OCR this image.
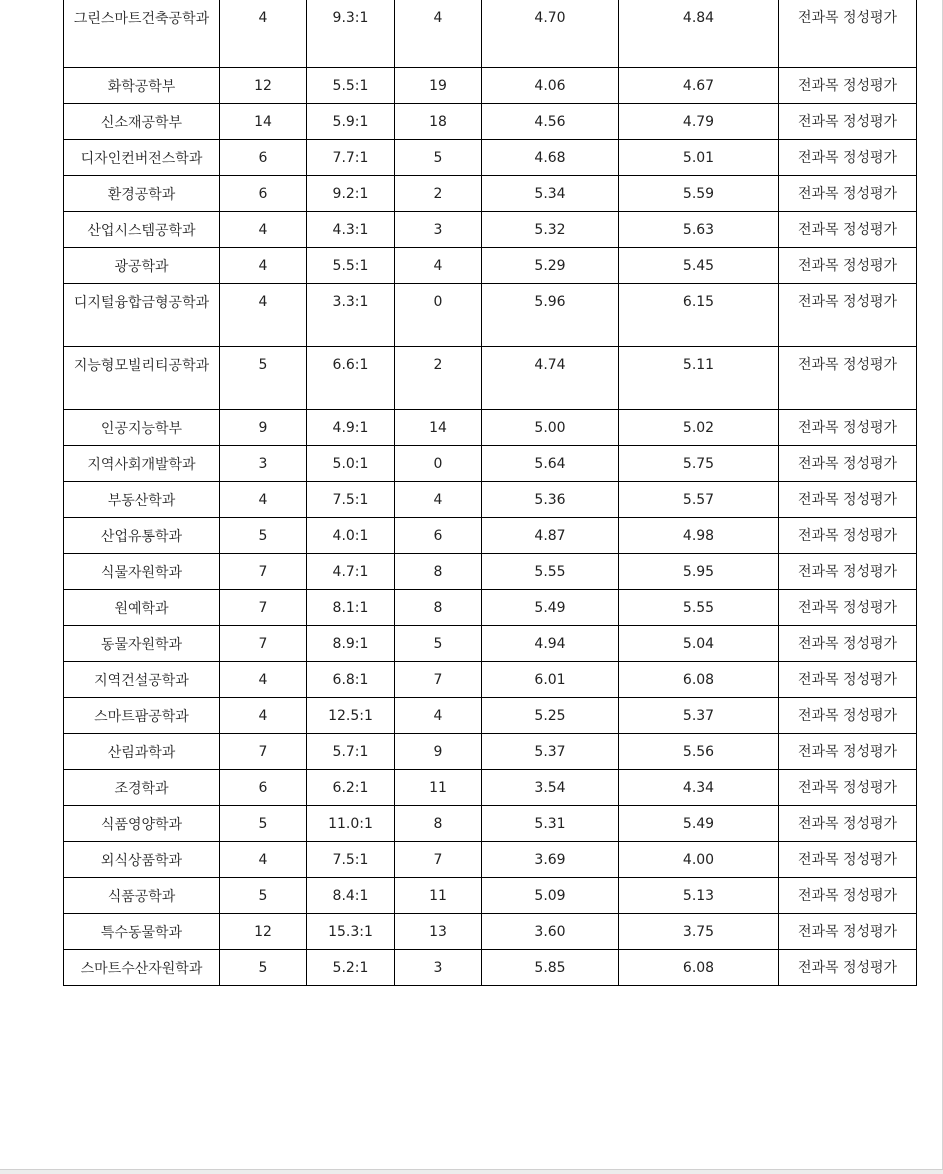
그린스마트건축공학과	4	9.3:1	4	4.70	4.84	전과목 정성평가
화학공학부	12	5.5:1	19	4.06	4.67	전과목 정성평가
신소재공학부	14	5.9:1	18	4.56	4.79	전과목 정성평가
디자인컨버전스학과	6	7.7:1	5	4.68	5.01	전과목 정성평가
환경공학과	6	9.2:1	2	5.34	5.59	전과목 정성평가
산업시스템공학과	4	4.3:1	3	5.32	5.63	전과목 정성평가
광공학과	4	5.5:1	4	5.29	5.45	전과목 정성평가
디지털융합금형공학과	4	3.3:1	0	5.96	6.15	전과목 정성평가
지능형모빌리티공학과	5	6.6:1	2	4.74	5.11	전과목 정성평가
인공지능학부	9	4.9:1	14	5.00	5.02	전과목 정성평가
지역사회개발학과	3	5.0:1	0	5.64	5.75	전과목 정성평가
부동산학과	4	7.5:1	4	5.36	5.57	전과목 정성평가
산업유통학과	5	4.0:1	6	4.87	4.98	전과목 정성평가
식물자원학과	7	4.7:1	8	5.55	5.95	전과목 정성평가
원예학과	7	8.1:1	8	5.49	5.55	전과목 정성평가
동물자원학과	7	8.9:1	5	4.94	5.04	전과목 정성평가
지역건설공학과	4	6.8:1	7	6.01	6.08	전과목 정성평가
스마트팜공학과	4	12.5:1	4	5.25	5.37	전과목 정성평가
산림과학과	7	5.7:1	9	5.37	5.56	전과목 정성평가
조경학과	6	6.2:1	11	3.54	4.34	전과목 정성평가
식품영양학과	5	11.0:1	8	5.31	5.49	전과목 정성평가
외식상품학과	4	7.5:1	7	3.69	4.00	전과목 정성평가
식품공학과	5	8.4:1	11	5.09	5.13	전과목 정성평가
특수동물학과	12	15.3:1	13	3.60	3.75	전과목 정성평가
스마트수산자원학과	5	5.2:1	3	5.85	6.08	전과목 정성평가
